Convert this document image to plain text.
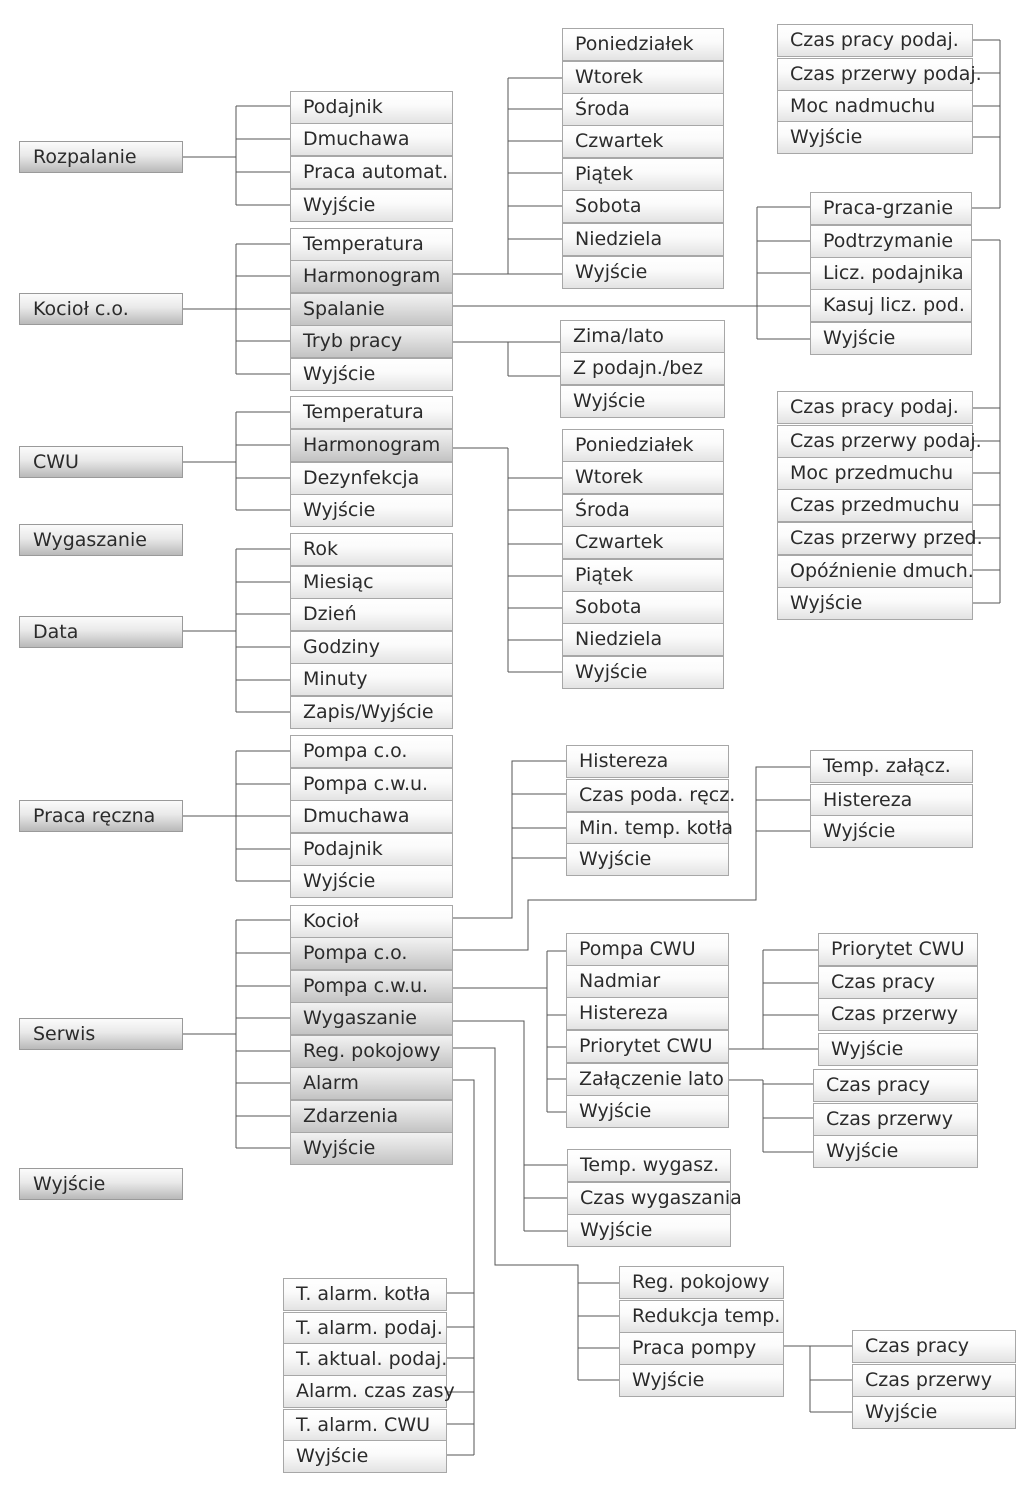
Rozpalanie
Kocioł c.o.
CWU
Wygaszanie
Data
Praca ręczna
Serwis
Wyjście
Podajnik
Dmuchawa
Praca automat.
Wyjście
Temperatura
Harmonogram
Spalanie
Tryb pracy
Wyjście
Poniedziałek
Wtorek
Środa
Czwartek
Piątek
Sobota
Niedziela
Wyjście
Zima/lato
Z podajn./bez
Wyjście
Praca-grzanie
Podtrzymanie
Licz. podajnika
Kasuj licz. pod.
Wyjście
Czas pracy podaj.
Czas przerwy podaj.
Moc nadmuchu
Wyjście
Czas pracy podaj.
Czas przerwy podaj.
Moc przedmuchu
Czas przedmuchu
Czas przerwy przed.
Opóźnienie dmuch.
Wyjście
Temperatura
Harmonogram
Dezynfekcja
Wyjście
Poniedziałek
Wtorek
Środa
Czwartek
Piątek
Sobota
Niedziela
Wyjście
Rok
Miesiąc
Dzień
Godziny
Minuty
Zapis/Wyjście
Pompa c.o.
Pompa c.w.u.
Dmuchawa
Podajnik
Wyjście
Kocioł
Pompa c.o.
Pompa c.w.u.
Wygaszanie
Reg. pokojowy
Alarm
Zdarzenia
Wyjście
Histereza
Czas poda. ręcz.
Min. temp. kotła
Wyjście
Temp. załącz.
Histereza
Wyjście
Pompa CWU
Nadmiar
Histereza
Priorytet CWU
Załączenie lato
Wyjście
Priorytet CWU
Czas pracy
Czas przerwy
Wyjście
Czas pracy
Czas przerwy
Wyjście
Temp. wygasz.
Czas wygaszania
Wyjście
Reg. pokojowy
Redukcja temp.
Praca pompy
Wyjście
Czas pracy
Czas przerwy
Wyjście
T. alarm. kotła
T. alarm. podaj.
T. aktual. podaj.
Alarm. czas zasy
T. alarm. CWU
Wyjście
